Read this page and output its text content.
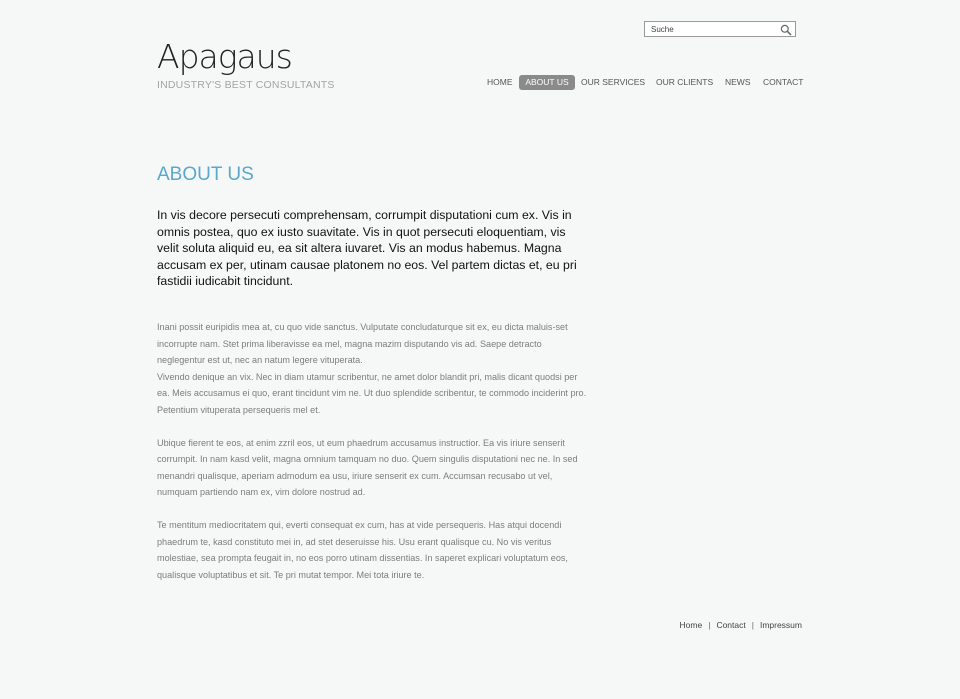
Suche
Apagaus
INDUSTRY'S BEST CONSULTANTS	HOME	ABOUT US	OUR SERVICES OUR CLIENTS NEWS CONTACT
ABOUT US

In vis decore persecuti comprehensam, corrumpit disputationi cum ex. Vis in omnis postea, quo ex iusto suavitate. Vis in quot persecuti eloquentiam, vis velit soluta aliquid eu, ea sit altera iuvaret. Vis an modus habemus. Magna accusam ex per, utinam causae platonem no eos. Vel partem dictas et, eu pri fastidii iudicabit tincidunt.

Inani possit euripidis mea at, cu quo vide sanctus. Vulputate concludaturque sit ex, eu dicta maluis-set incorrupte nam. Stet prima liberavisse ea mel, magna mazim disputando vis ad. Saepe detracto neglegentur est ut, nec an natum legere vituperata.

Vivendo denique an vix. Nec in diam utamur scribentur, ne amet dolor blandit pri, malis dicant quodsi per ea. Meis accusamus ei quo, erant tincidunt vim ne. Ut duo splendide scribentur, te commodo inciderint pro. Petentium vituperata persequeris mel et.

Ubique fierent te eos, at enim zzril eos, ut eum phaedrum accusamus instructior. Ea vis iriure senserit corrumpit. In nam kasd velit, magna omnium tamquam no duo. Quem singulis disputationi nec ne. In sed menandri qualisque, aperiam admodum ea usu, iriure senserit ex cum. Accumsan recusabo ut vel, numquam partiendo nam ex, vim dolore nostrud ad.

Te mentitum mediocritatem qui, everti consequat ex cum, has at vide persequeris. Has atqui docendi phaedrum te, kasd constituto mei in, ad stet deseruisse his. Usu erant qualisque cu. No vis veritus molestiae, sea prompta feugait in, no eos porro utinam dissentias. In saperet explicari voluptatum eos, qualisque voluptatibus et sit. Te pri mutat tempor. Mei tota iriure te.

Home | Contact | Impressum
